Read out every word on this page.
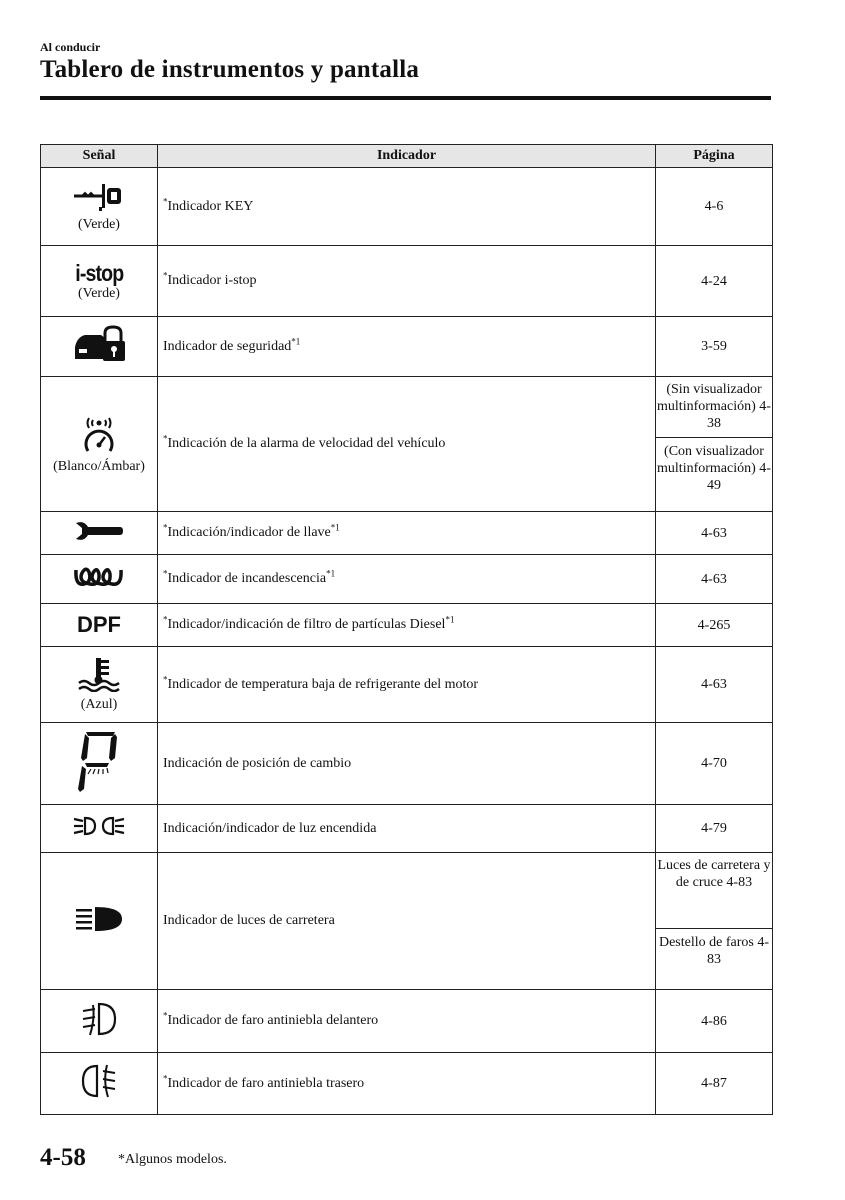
Al conducir
Tablero de instrumentos y pantalla
Señal	Indicador	Página

(Verde)	*Indicador KEY	4-6
i-stop
(Verde)	*Indicador i-stop	4-24
	Indicador de seguridad$^{*1}$	3-59

(Blanco/Ámbar)	*Indicación de la alarma de velocidad del vehículo	(Sin visualizador multinformación) 4-38
(Con visualizador multinformación) 4-49

	*Indicación/indicador de llave$^{*1}$	4-63
	*Indicador de incandescencia$^{*1}$	4-63
DPF	*Indicador/indicación de filtro de partículas Diesel$^{*1}$	4-265

(Azul)	*Indicador de temperatura baja de refrigerante del motor	4-63
	Indicación de posición de cambio	4-70
	Indicación/indicador de luz encendida	4-79
	Indicador de luces de carretera	Luces de carretera y de cruce 4-83
Destello de faros 4-83

	*Indicador de faro antiniebla delantero	4-86
	*Indicador de faro antiniebla trasero	4-87
4-58 *Algunos modelos.
